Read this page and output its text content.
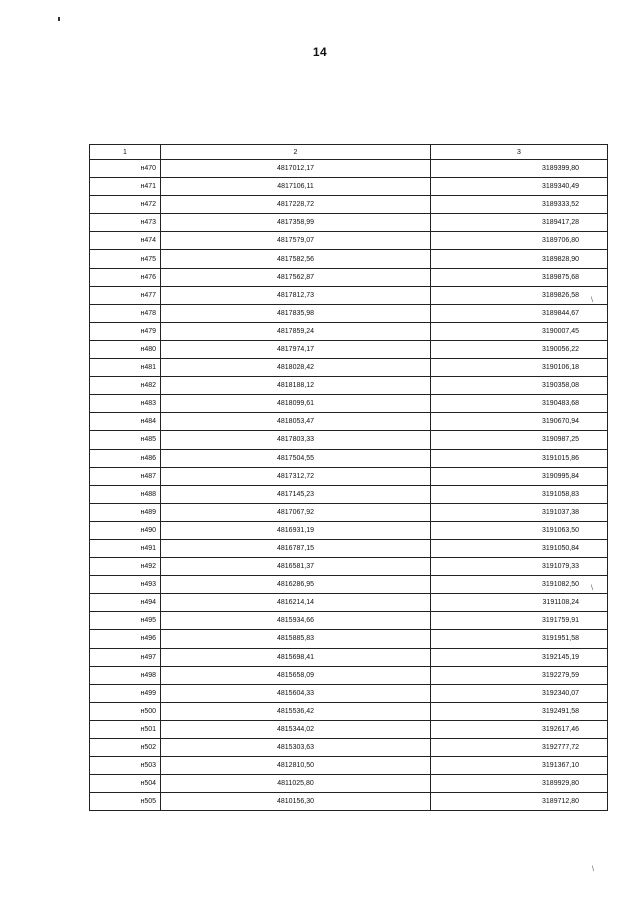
\
\
\
14
1	2	3
н470	4817012,17	3189399,80
н471	4817106,11	3189340,49
н472	4817228,72	3189333,52
н473	4817358,99	3189417,28
н474	4817579,07	3189706,80
н475	4817582,56	3189828,90
н476	4817562,87	3189875,68
н477	4817812,73	3189826,58
н478	4817835,98	3189844,67
н479	4817859,24	3190007,45
н480	4817974,17	3190056,22
н481	4818028,42	3190106,18
н482	4818188,12	3190358,08
н483	4818099,61	3190483,68
н484	4818053,47	3190670,94
н485	4817803,33	3190987,25
н486	4817504,55	3191015,86
н487	4817312,72	3190995,84
н488	4817145,23	3191058,83
н489	4817067,92	3191037,38
н490	4816931,19	3191063,50
н491	4816787,15	3191050,84
н492	4816581,37	3191079,33
н493	4816286,95	3191082,50
н494	4816214,14	3191108,24
н495	4815934,66	3191759,91
н496	4815885,83	3191951,58
н497	4815698,41	3192145,19
н498	4815658,09	3192279,59
н499	4815604,33	3192340,07
н500	4815536,42	3192491,58
н501	4815344,02	3192617,46
н502	4815303,63	3192777,72
н503	4812810,50	3191367,10
н504	4811025,80	3189929,80
н505	4810156,30	3189712,80
